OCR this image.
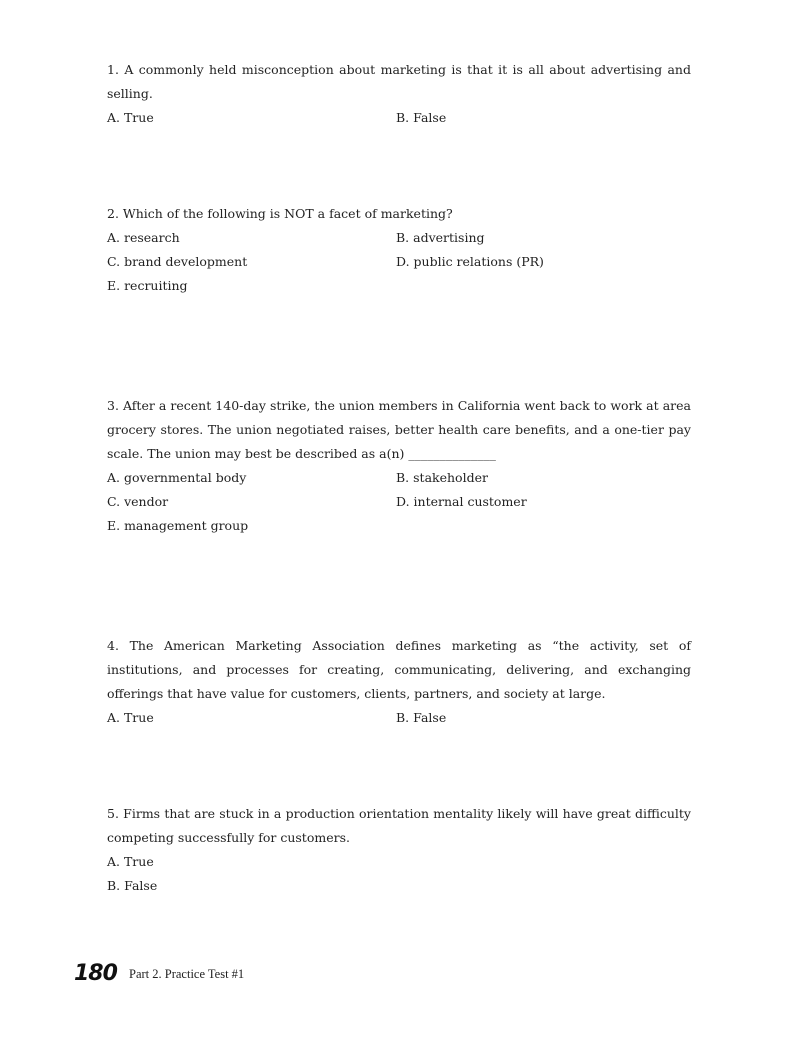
1. A commonly held misconception about marketing is that it is all about advertising and selling.

A. True	B. False

2. Which of the following is NOT a facet of marketing?

A. research	B. advertising
C. brand development	D. public relations (PR)
E. recruiting

3. After a recent 140-day strike, the union members in California went back to work at area grocery stores. The union negotiated raises, better health care benefits, and a one-tier pay scale. The union may best be described as a(n) ______________

A. governmental body	B. stakeholder
C. vendor	D. internal customer
E. management group

4. The American Marketing Association defines marketing as “the activity, set of institutions, and processes for creating, communicating, delivering, and exchanging offerings that have value for customers, clients, partners, and society at large.

A. True	B. False

5. Firms that are stuck in a production orientation mentality likely will have great difficulty competing successfully for customers.

A. True
B. False
180 Part 2. Practice Test #1
